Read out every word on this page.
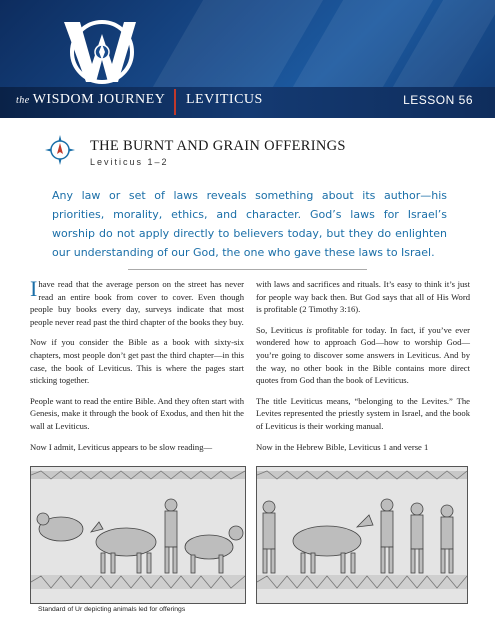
the WISDOM JOURNEY LEVITICUS	LESSON 56
THE BURNT AND GRAIN OFFERINGS
Leviticus 1–2
Any law or set of laws reveals something about its author—his priorities, morality, ethics, and character. God’s laws for Israel’s worship do not apply directly to believers today, but they do enlighten our understanding of our God, the one who gave these laws to Israel.

Ihave read that the average person on the street has never read an entire book from cover to cover. Even though people buy books every day, surveys indicate that most people never read past the third chapter of the books they buy.

Now if you consider the Bible as a book with sixty-six chapters, most people don’t get past the third chapter—in this case, the book of Leviticus. This is where the pages start sticking together.

People want to read the entire Bible. And they often start with Genesis, make it through the book of Exodus, and then hit the wall at Leviticus.

Now I admit, Leviticus appears to be slow reading—

with laws and sacrifices and rituals. It’s easy to think it’s just for people way back then. But God says that all of His Word is profitable (2 Timothy 3:16).

So, Leviticus is profitable for today. In fact, if you’ve ever wondered how to approach God—how to worship God—you’re going to discover some answers in Leviticus. And by the way, no other book in the Bible contains more direct quotes from God than the book of Leviticus.

The title Leviticus means, “belonging to the Levites.” The Levites represented the priestly system in Israel, and the book of Leviticus is their working manual.

Now in the Hebrew Bible, Leviticus 1 and verse 1

Standard of Ur depicting animals led for offerings
